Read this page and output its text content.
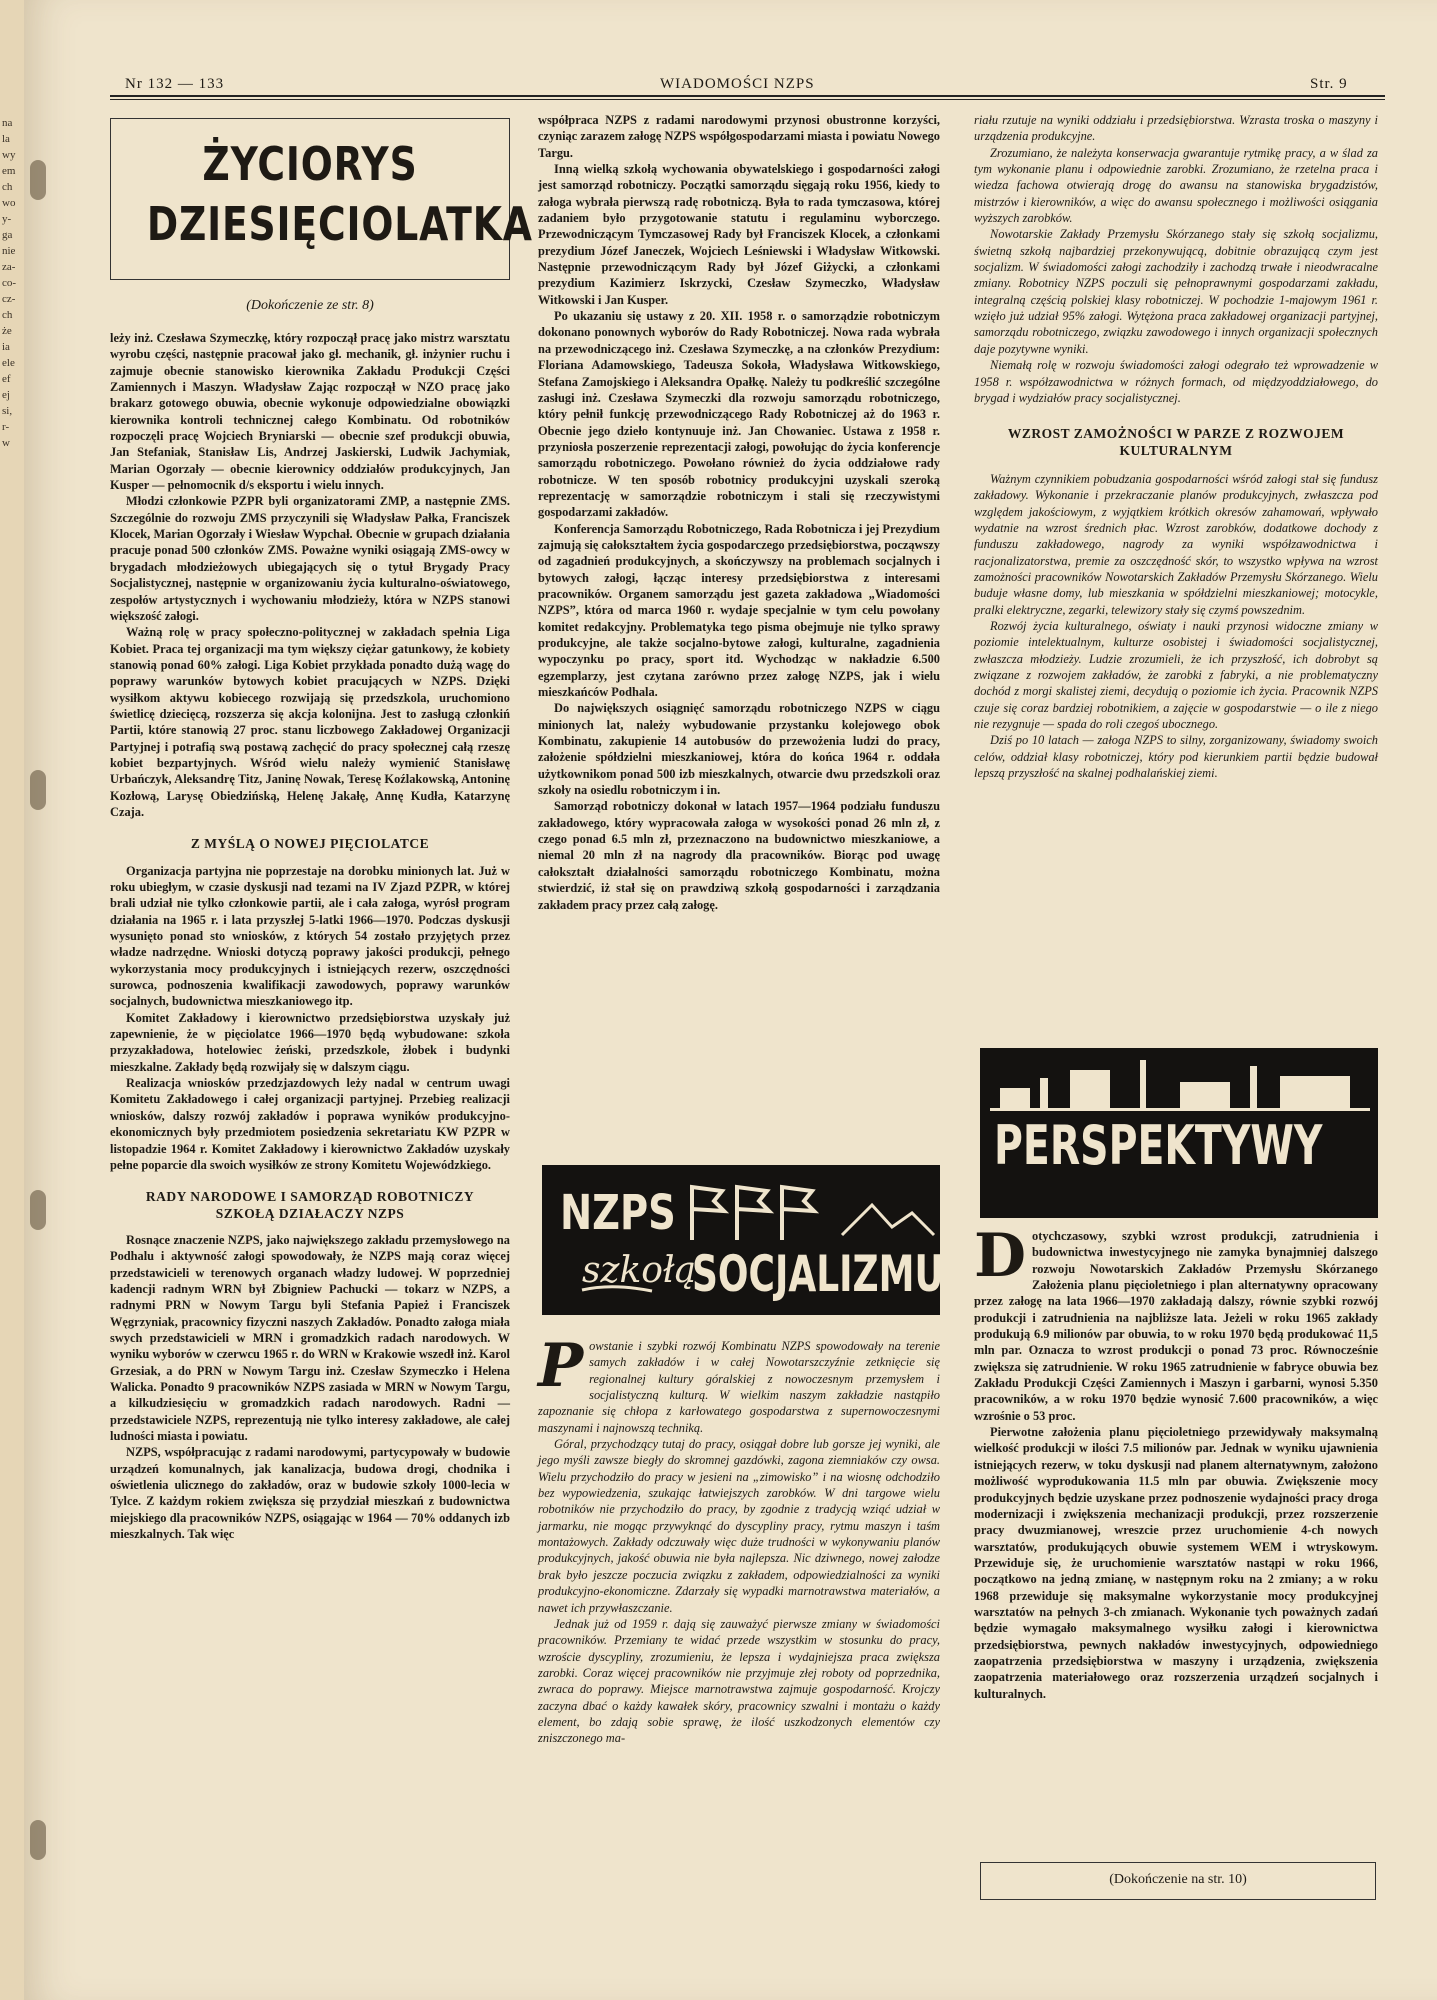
Nr 132 — 133	WIADOMOŚCI NZPS	Str. 9
ŻYCIORYS
DZIESIĘCIOLATKA
(Dokończenie ze str. 8)

leży inż. Czesława Szymeczkę, który rozpoczął pracę jako mistrz warsztatu wyrobu części, następnie pracował jako gł. mechanik, gł. inżynier ruchu i zajmuje obecnie stanowisko kierownika Zakładu Produkcji Części Zamiennych i Maszyn. Władysław Zając rozpoczął w NZO pracę jako brakarz gotowego obuwia, obecnie wykonuje odpowiedzialne obowiązki kierownika kontroli technicznej całego Kombinatu. Od robotników rozpoczęli pracę Wojciech Bryniarski — obecnie szef produkcji obuwia, Jan Stefaniak, Stanisław Lis, Andrzej Jaskierski, Ludwik Jachymiak, Marian Ogorzały — obecnie kierownicy oddziałów produkcyjnych, Jan Kusper — pełnomocnik d/s eksportu i wielu innych.

Młodzi członkowie PZPR byli organizatorami ZMP, a następnie ZMS. Szczególnie do rozwoju ZMS przyczynili się Władysław Pałka, Franciszek Klocek, Marian Ogorzały i Wiesław Wypchał. Obecnie w grupach działania pracuje ponad 500 członków ZMS. Poważne wyniki osiągają ZMS-owcy w brygadach młodzieżowych ubiegających się o tytuł Brygady Pracy Socjalistycznej, następnie w organizowaniu życia kulturalno-oświatowego, zespołów artystycznych i wychowaniu młodzieży, która w NZPS stanowi większość załogi.

Ważną rolę w pracy społeczno-politycznej w zakładach spełnia Liga Kobiet. Praca tej organizacji ma tym większy ciężar gatunkowy, że kobiety stanowią ponad 60% załogi. Liga Kobiet przykłada ponadto dużą wagę do poprawy warunków bytowych kobiet pracujących w NZPS. Dzięki wysiłkom aktywu kobiecego rozwijają się przedszkola, uruchomiono świetlicę dziecięcą, rozszerza się akcja kolonijna. Jest to zasługą członkiń Partii, które stanowią 27 proc. stanu liczbowego Zakładowej Organizacji Partyjnej i potrafią swą postawą zachęcić do pracy społecznej całą rzeszę kobiet bezpartyjnych. Wśród wielu należy wymienić Stanisławę Urbańczyk, Aleksandrę Titz, Janinę Nowak, Teresę Koźlakowską, Antoninę Kozłową, Larysę Obiedzińską, Helenę Jakałę, Annę Kudła, Katarzynę Czaja.

Z MYŚLĄ O NOWEJ PIĘCIOLATCE

Organizacja partyjna nie poprzestaje na dorobku minionych lat. Już w roku ubiegłym, w czasie dyskusji nad tezami na IV Zjazd PZPR, w której brali udział nie tylko członkowie partii, ale i cała załoga, wyrósł program działania na 1965 r. i lata przyszłej 5-latki 1966—1970. Podczas dyskusji wysunięto ponad sto wniosków, z których 54 zostało przyjętych przez władze nadrzędne. Wnioski dotyczą poprawy jakości produkcji, pełnego wykorzystania mocy produkcyjnych i istniejących rezerw, oszczędności surowca, podnoszenia kwalifikacji zawodowych, poprawy warunków socjalnych, budownictwa mieszkaniowego itp.

Komitet Zakładowy i kierownictwo przedsiębiorstwa uzyskały już zapewnienie, że w pięciolatce 1966—1970 będą wybudowane: szkoła przyzakładowa, hotelowiec żeński, przedszkole, żłobek i budynki mieszkalne. Zakłady będą rozwijały się w dalszym ciągu.

Realizacja wniosków przedzjazdowych leży nadal w centrum uwagi Komitetu Zakładowego i całej organizacji partyjnej. Przebieg realizacji wniosków, dalszy rozwój zakładów i poprawa wyników produkcyjno-ekonomicznych były przedmiotem posiedzenia sekretariatu KW PZPR w listopadzie 1964 r. Komitet Zakładowy i kierownictwo Zakładów uzyskały pełne poparcie dla swoich wysiłków ze strony Komitetu Wojewódzkiego.

RADY NARODOWE I SAMORZĄD ROBOTNICZY SZKOŁĄ DZIAŁACZY NZPS

Rosnące znaczenie NZPS, jako największego zakładu przemysłowego na Podhalu i aktywność załogi spowodowały, że NZPS mają coraz więcej przedstawicieli w terenowych organach władzy ludowej. W poprzedniej kadencji radnym WRN był Zbigniew Pachucki — tokarz w NZPS, a radnymi PRN w Nowym Targu byli Stefania Papież i Franciszek Węgrzyniak, pracownicy fizyczni naszych Zakładów. Ponadto załoga miała swych przedstawicieli w MRN i gromadzkich radach narodowych. W wyniku wyborów w czerwcu 1965 r. do WRN w Krakowie wszedł inż. Karol Grzesiak, a do PRN w Nowym Targu inż. Czesław Szymeczko i Helena Walicka. Ponadto 9 pracowników NZPS zasiada w MRN w Nowym Targu, a kilkudziesięciu w gromadzkich radach narodowych. Radni — przedstawiciele NZPS, reprezentują nie tylko interesy zakładowe, ale całej ludności miasta i powiatu.

NZPS, współpracując z radami narodowymi, partycypowały w budowie urządzeń komunalnych, jak kanalizacja, budowa drogi, chodnika i oświetlenia ulicznego do zakładów, oraz w budowie szkoły 1000-lecia w Tylce. Z każdym rokiem zwiększa się przydział mieszkań z budownictwa miejskiego dla pracowników NZPS, osiągając w 1964 — 70% oddanych izb mieszkalnych. Tak więc

współpraca NZPS z radami narodowymi przynosi obustronne korzyści, czyniąc zarazem załogę NZPS współgospodarzami miasta i powiatu Nowego Targu.

Inną wielką szkołą wychowania obywatelskiego i gospodarności załogi jest samorząd robotniczy. Początki samorządu sięgają roku 1956, kiedy to załoga wybrała pierwszą radę robotniczą. Była to rada tymczasowa, której zadaniem było przygotowanie statutu i regulaminu wyborczego. Przewodniczącym Tymczasowej Rady był Franciszek Klocek, a członkami prezydium Józef Janeczek, Wojciech Leśniewski i Władysław Witkowski. Następnie przewodniczącym Rady był Józef Giżycki, a członkami prezydium Kazimierz Iskrzycki, Czesław Szymeczko, Władysław Witkowski i Jan Kusper.

Po ukazaniu się ustawy z 20. XII. 1958 r. o samorządzie robotniczym dokonano ponownych wyborów do Rady Robotniczej. Nowa rada wybrała na przewodniczącego inż. Czesława Szymeczkę, a na członków Prezydium: Floriana Adamowskiego, Tadeusza Sokoła, Władysława Witkowskiego, Stefana Zamojskiego i Aleksandra Opałkę. Należy tu podkreślić szczególne zasługi inż. Czesława Szymeczki dla rozwoju samorządu robotniczego, który pełnił funkcję przewodniczącego Rady Robotniczej aż do 1963 r. Obecnie jego dzieło kontynuuje inż. Jan Chowaniec. Ustawa z 1958 r. przyniosła poszerzenie reprezentacji załogi, powołując do życia konferencje samorządu robotniczego. Powołano również do życia oddziałowe rady robotnicze. W ten sposób robotnicy produkcyjni uzyskali szeroką reprezentację w samorządzie robotniczym i stali się rzeczywistymi gospodarzami zakładów.

Konferencja Samorządu Robotniczego, Rada Robotnicza i jej Prezydium zajmują się całokształtem życia gospodarczego przedsiębiorstwa, począwszy od zagadnień produkcyjnych, a skończywszy na problemach socjalnych i bytowych załogi, łącząc interesy przedsiębiorstwa z interesami pracowników. Organem samorządu jest gazeta zakładowa „Wiadomości NZPS”, która od marca 1960 r. wydaje specjalnie w tym celu powołany komitet redakcyjny. Problematyka tego pisma obejmuje nie tylko sprawy produkcyjne, ale także socjalno-bytowe załogi, kulturalne, zagadnienia wypoczynku po pracy, sport itd. Wychodząc w nakładzie 6.500 egzemplarzy, jest czytana zarówno przez załogę NZPS, jak i wielu mieszkańców Podhala.

Do największych osiągnięć samorządu robotniczego NZPS w ciągu minionych lat, należy wybudowanie przystanku kolejowego obok Kombinatu, zakupienie 14 autobusów do przewożenia ludzi do pracy, założenie spółdzielni mieszkaniowej, która do końca 1964 r. oddała użytkownikom ponad 500 izb mieszkalnych, otwarcie dwu przedszkoli oraz szkoły na osiedlu robotniczym i in.

Samorząd robotniczy dokonał w latach 1957—1964 podziału funduszu zakładowego, który wypracowała załoga w wysokości ponad 26 mln zł, z czego ponad 6.5 mln zł, przeznaczono na budownictwo mieszkaniowe, a niemal 20 mln zł na nagrody dla pracowników. Biorąc pod uwagę całokształt działalności samorządu robotniczego Kombinatu, można stwierdzić, iż stał się on prawdziwą szkołą gospodarności i zarządzania zakładem pracy przez całą załogę.

NZPS
szkołą
SOCJALIZMU

Powstanie i szybki rozwój Kombinatu NZPS spowodowały na terenie samych zakładów i w całej Nowotarszczyźnie zetknięcie się regionalnej kultury góralskiej z nowoczesnym przemysłem i socjalistyczną kulturą. W wielkim naszym zakładzie nastąpiło zapoznanie się chłopa z karłowatego gospodarstwa z supernowoczesnymi maszynami i najnowszą techniką.

Góral, przychodzący tutaj do pracy, osiągał dobre lub gorsze jej wyniki, ale jego myśli zawsze biegły do skromnej gazdówki, zagona ziemniaków czy owsa. Wielu przychodziło do pracy w jesieni na „zimowisko” i na wiosnę odchodziło bez wypowiedzenia, szukając łatwiejszych zarobków. W dni targowe wielu robotników nie przychodziło do pracy, by zgodnie z tradycją wziąć udział w jarmarku, nie mogąc przywyknąć do dyscypliny pracy, rytmu maszyn i taśm montażowych. Zakłady odczuwały więc duże trudności w wykonywaniu planów produkcyjnych, jakość obuwia nie była najlepsza. Nic dziwnego, nowej załodze brak było jeszcze poczucia związku z zakładem, odpowiedzialności za wyniki produkcyjno-ekonomiczne. Zdarzały się wypadki marnotrawstwa materiałów, a nawet ich przywłaszczanie.

Jednak już od 1959 r. dają się zauważyć pierwsze zmiany w świadomości pracowników. Przemiany te widać przede wszystkim w stosunku do pracy, wzroście dyscypliny, zrozumieniu, że lepsza i wydajniejsza praca zwiększa zarobki. Coraz więcej pracowników nie przyjmuje złej roboty od poprzednika, zwraca do poprawy. Miejsce marnotrawstwa zajmuje gospodarność. Krojczy zaczyna dbać o każdy kawałek skóry, pracownicy szwalni i montażu o każdy element, bo zdają sobie sprawę, że ilość uszkodzonych elementów czy zniszczonego ma-

riału rzutuje na wyniki oddziału i przedsiębiorstwa. Wzrasta troska o maszyny i urządzenia produkcyjne.

Zrozumiano, że należyta konserwacja gwarantuje rytmikę pracy, a w ślad za tym wykonanie planu i odpowiednie zarobki. Zrozumiano, że rzetelna praca i wiedza fachowa otwierają drogę do awansu na stanowiska brygadzistów, mistrzów i kierowników, a więc do awansu społecznego i możliwości osiągania wyższych zarobków.

Nowotarskie Zakłady Przemysłu Skórzanego stały się szkołą socjalizmu, świetną szkołą najbardziej przekonywującą, dobitnie obrazującą czym jest socjalizm. W świadomości załogi zachodziły i zachodzą trwałe i nieodwracalne zmiany. Robotnicy NZPS poczuli się pełnoprawnymi gospodarzami zakładu, integralną częścią polskiej klasy robotniczej. W pochodzie 1-majowym 1961 r. wzięło już udział 95% załogi. Wytężona praca zakładowej organizacji partyjnej, samorządu robotniczego, związku zawodowego i innych organizacji społecznych daje pozytywne wyniki.

Niemałą rolę w rozwoju świadomości załogi odegrało też wprowadzenie w 1958 r. współzawodnictwa w różnych formach, od międzyoddziałowego, do brygad i wydziałów pracy socjalistycznej.

WZROST ZAMOŻNOŚCI W PARZE Z ROZWOJEM KULTURALNYM

Ważnym czynnikiem pobudzania gospodarności wśród załogi stał się fundusz zakładowy. Wykonanie i przekraczanie planów produkcyjnych, zwłaszcza pod względem jakościowym, z wyjątkiem krótkich okresów zahamowań, wpływało wydatnie na wzrost średnich płac. Wzrost zarobków, dodatkowe dochody z funduszu zakładowego, nagrody za wyniki współzawodnictwa i racjonalizatorstwa, premie za oszczędność skór, to wszystko wpływa na wzrost zamożności pracowników Nowotarskich Zakładów Przemysłu Skórzanego. Wielu buduje własne domy, lub mieszkania w spółdzielni mieszkaniowej; motocykle, pralki elektryczne, zegarki, telewizory stały się czymś powszednim.

Rozwój życia kulturalnego, oświaty i nauki przynosi widoczne zmiany w poziomie intelektualnym, kulturze osobistej i świadomości socjalistycznej, zwłaszcza młodzieży. Ludzie zrozumieli, że ich przyszłość, ich dobrobyt są związane z rozwojem zakładów, że zarobki z fabryki, a nie problematyczny dochód z morgi skalistej ziemi, decydują o poziomie ich życia. Pracownik NZPS czuje się coraz bardziej robotnikiem, a zajęcie w gospodarstwie — o ile z niego nie rezygnuje — spada do roli czegoś ubocznego.

Dziś po 10 latach — załoga NZPS to silny, zorganizowany, świadomy swoich celów, oddział klasy robotniczej, który pod kierunkiem partii będzie budował lepszą przyszłość na skalnej podhalańskiej ziemi.

PERSPEKTYWY

Dotychczasowy, szybki wzrost produkcji, zatrudnienia i budownictwa inwestycyjnego nie zamyka bynajmniej dalszego rozwoju Nowotarskich Zakładów Przemysłu Skórzanego Założenia planu pięcioletniego i plan alternatywny opracowany przez załogę na lata 1966—1970 zakładają dalszy, równie szybki rozwój produkcji i zatrudnienia na najbliższe lata. Jeżeli w roku 1965 zakłady produkują 6.9 milionów par obuwia, to w roku 1970 będą produkować 11,5 mln par. Oznacza to wzrost produkcji o ponad 73 proc. Równocześnie zwiększa się zatrudnienie. W roku 1965 zatrudnienie w fabryce obuwia bez Zakładu Produkcji Części Zamiennych i Maszyn i garbarni, wynosi 5.350 pracowników, a w roku 1970 będzie wynosić 7.600 pracowników, a więc wzrośnie o 53 proc.

Pierwotne założenia planu pięcioletniego przewidywały maksymalną wielkość produkcji w ilości 7.5 milionów par. Jednak w wyniku ujawnienia istniejących rezerw, w toku dyskusji nad planem alternatywnym, założono możliwość wyprodukowania 11.5 mln par obuwia. Zwiększenie mocy produkcyjnych będzie uzyskane przez podnoszenie wydajności pracy droga modernizacji i zwiększenia mechanizacji produkcji, przez rozszerzenie pracy dwuzmianowej, wreszcie przez uruchomienie 4-ch nowych warsztatów, produkujących obuwie systemem WEM i wtryskowym. Przewiduje się, że uruchomienie warsztatów nastąpi w roku 1966, początkowo na jedną zmianę, w następnym roku na 2 zmiany; a w roku 1968 przewiduje się maksymalne wykorzystanie mocy produkcyjnej warsztatów na pełnych 3-ch zmianach. Wykonanie tych poważnych zadań będzie wymagało maksymalnego wysiłku załogi i kierownictwa przedsiębiorstwa, pewnych nakładów inwestycyjnych, odpowiedniego zaopatrzenia przedsiębiorstwa w maszyny i urządzenia, zwiększenia zaopatrzenia materiałowego oraz rozszerzenia urządzeń socjalnych i kulturalnych.

(Dokończenie na str. 10)
na
la
wy
em
ch
wo
y-
ga
nie
za-
co-
cz-
ch
że
ia
ele
ef
ej
si,
r-
w
